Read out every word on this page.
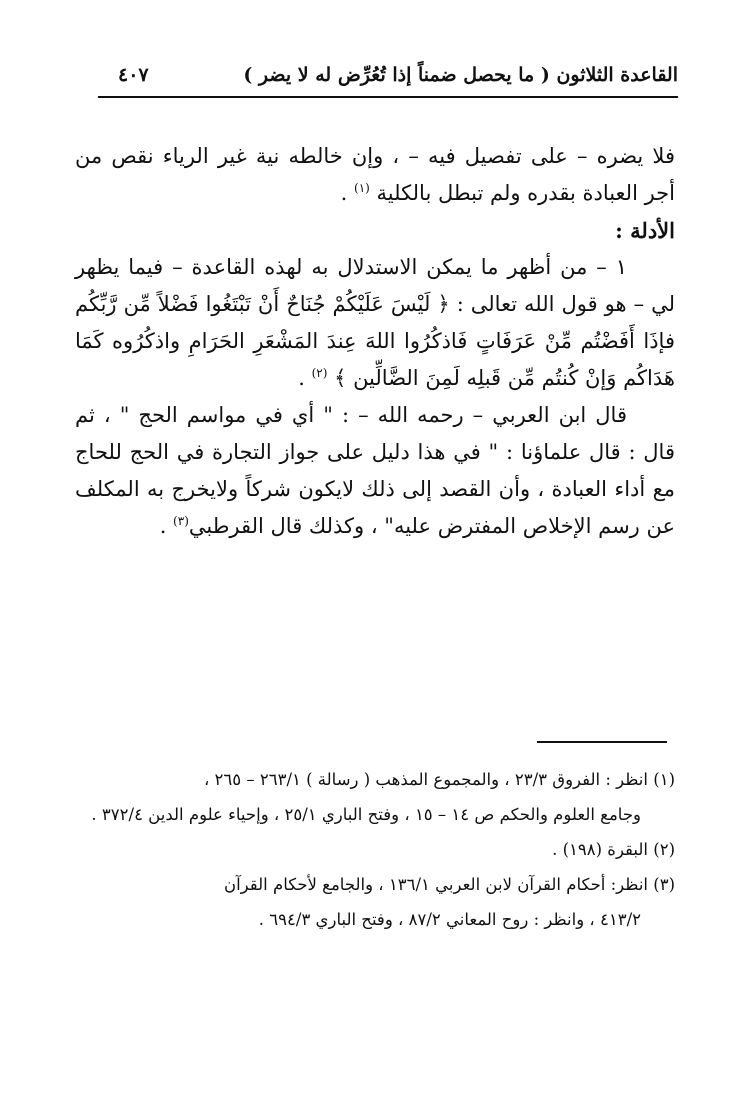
القاعدة الثلاثون ( ما يحصل ضمناً إذا تُعُرِّض له لا يضر )
٤٠٧

فلا يضره – على تفصيل فيه – ، وإن خالطه نية غير الرياء نقص من أجر العبادة بقدره ولم تبطل بالكلية $^{(١)}$ .

الأدلة :

١ – من أظهر ما يمكن الاستدلال به لهذه القاعدة – فيما يظهر لي – هو قول الله تعالى : ﴿ لَيْسَ عَلَيْكُمْ جُنَاحٌ أَنْ تَبْتَغُوا فَضْلاً مِّن رَّبِّكُم فإذَا أَفَضْتُم مِّنْ عَرَفَاتٍ فَاذكُرُوا اللهَ عِندَ المَشْعَرِ الحَرَامِ واذكُرُوه كَمَا هَدَاكُم وَإنْ كُنتُم مِّن قَبلِه لَمِنَ الضَّالِّين ﴾ $^{(٢)}$ .

قال ابن العربي – رحمه الله – : " أي في مواسم الحج " ، ثم قال : قال علماؤنا : " في هذا دليل على جواز التجارة في الحج للحاج مع أداء العبادة ، وأن القصد إلى ذلك لايكون شركاً ولايخرج به المكلف عن رسم الإخلاص المفترض عليه" ، وكذلك قال القرطبي$^{(٣)}$ .

(١) انظر : الفروق ٢٣/٣ ، والمجموع المذهب ( رسالة ) ٢٦٣/١ – ٢٦٥ ،
وجامع العلوم والحكم ص ١٤ – ١٥ ، وفتح الباري ٢٥/١ ، وإحياء علوم الدين ٣٧٢/٤ .

(٢) البقرة (١٩٨) .

(٣) انظر: أحكام القرآن لابن العربي ١٣٦/١ ، والجامع لأحكام القرآن
٤١٣/٢ ، وانظر : روح المعاني ٨٧/٢ ، وفتح الباري ٦٩٤/٣ .
